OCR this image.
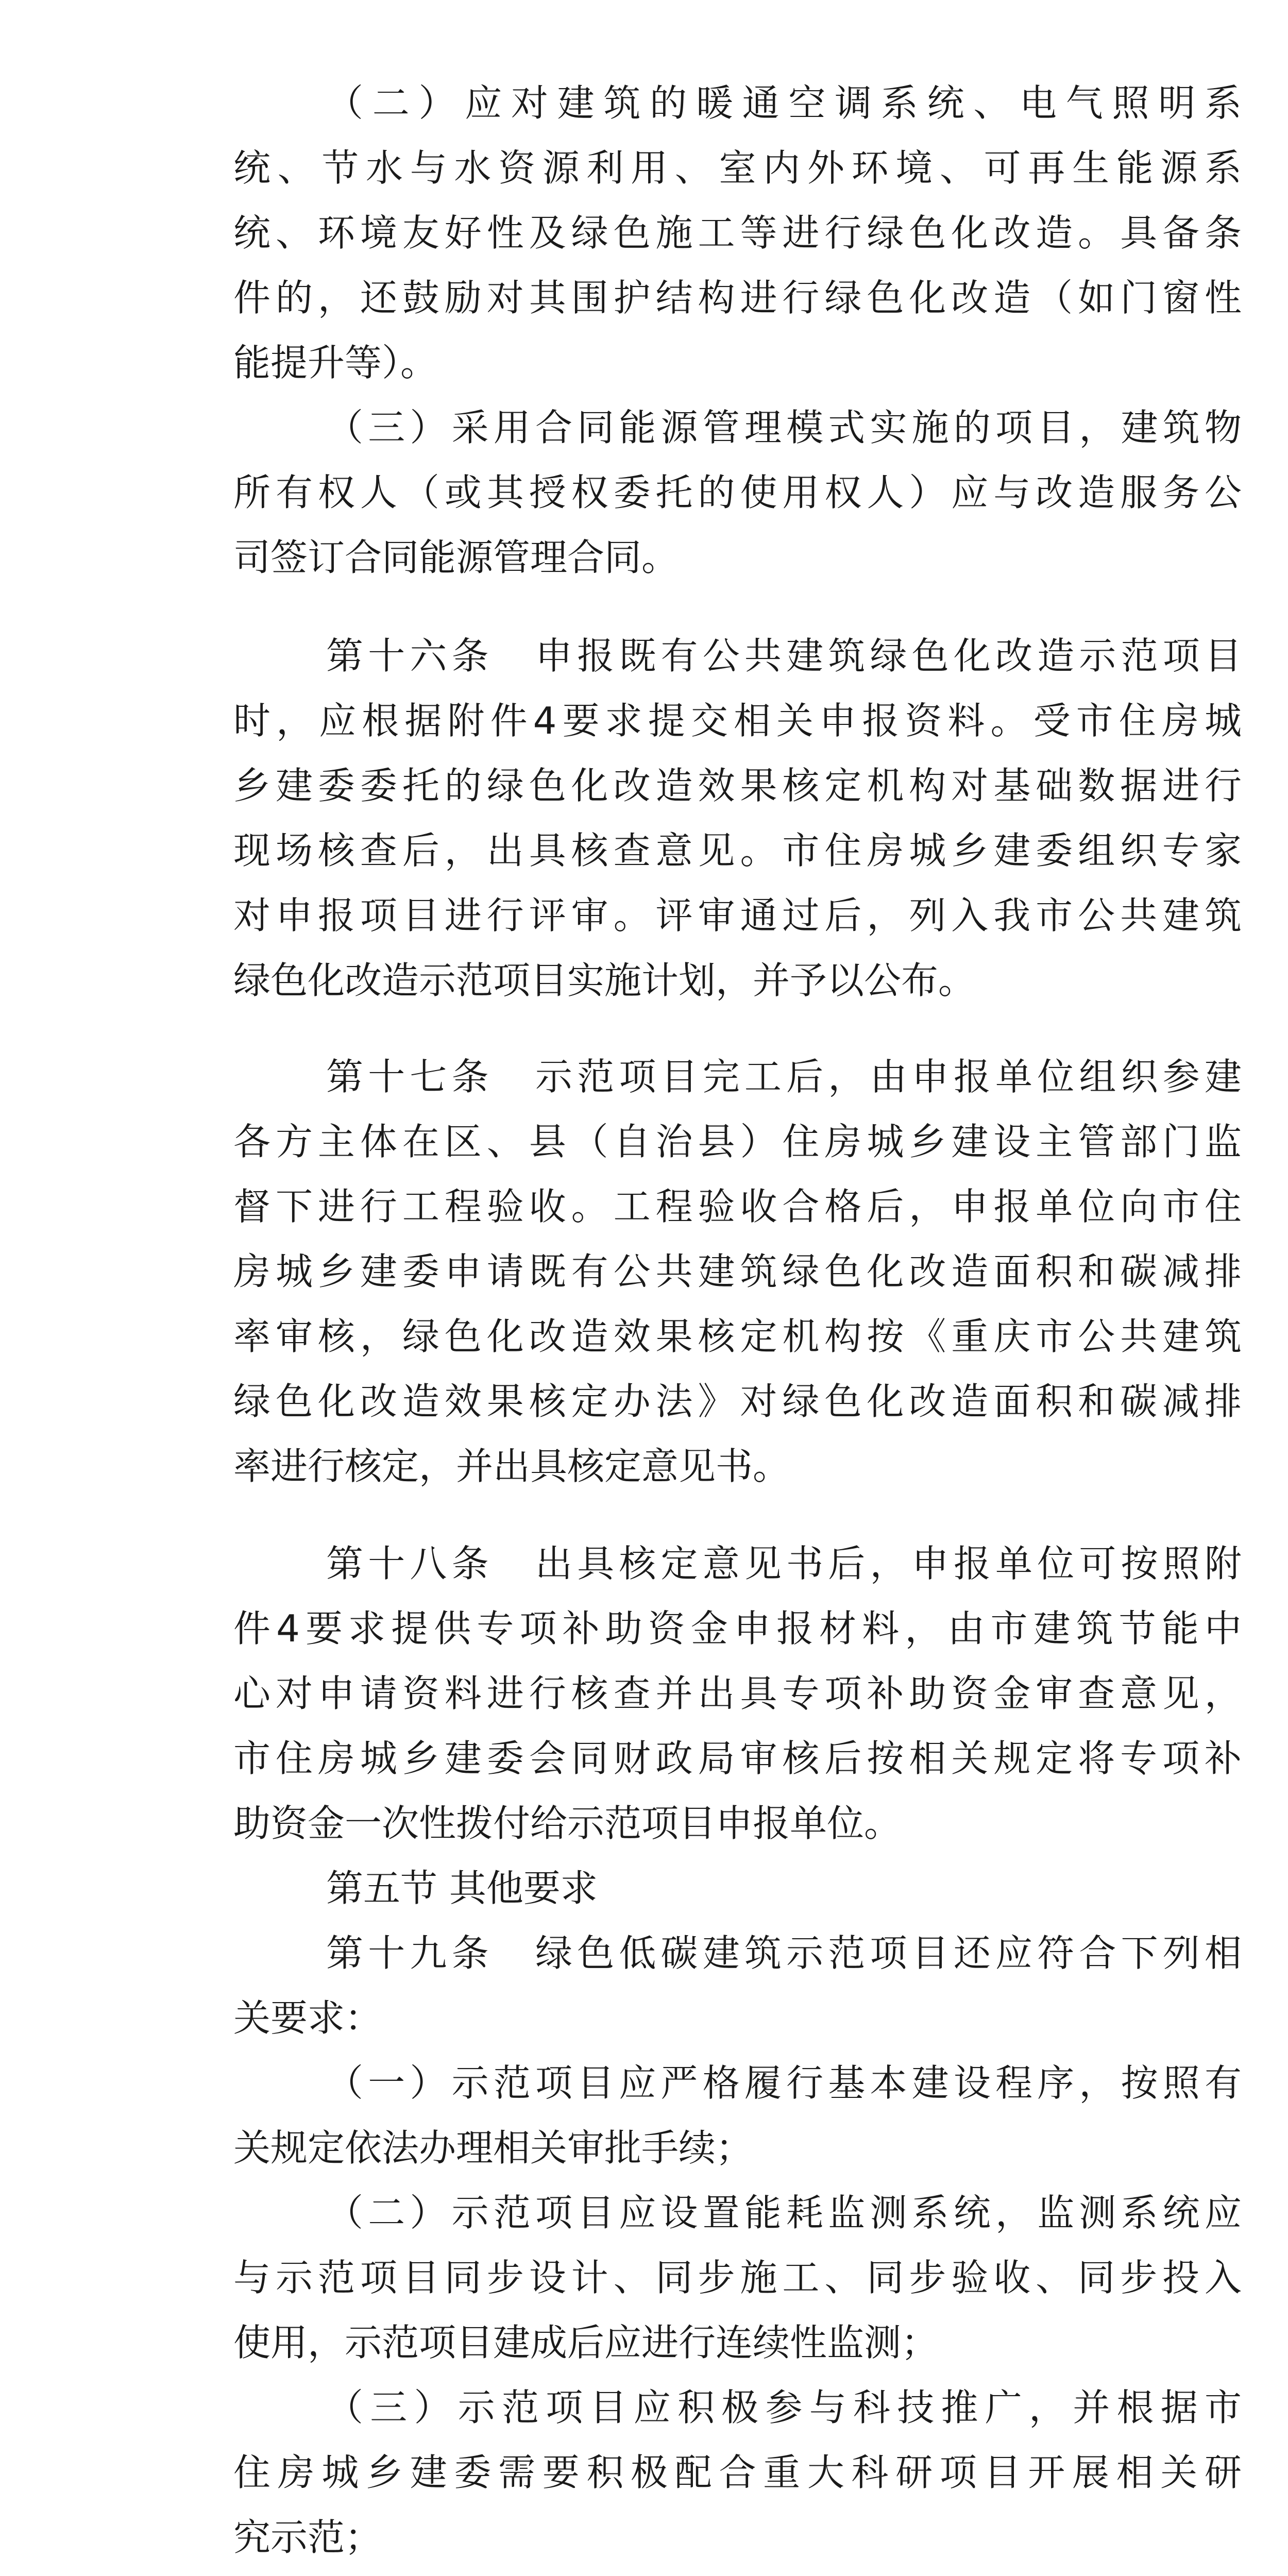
（二）应对建筑的暖通空调系统、电气照明系
统、节水与水资源利用、室内外环境、可再生能源系
统、环境友好性及绿色施工等进行绿色化改造。具备条
件的，还鼓励对其围护结构进行绿色化改造（如门窗性
能提升等）。
（三）采用合同能源管理模式实施的项目，建筑物
所有权人（或其授权委托的使用权人）应与改造服务公
司签订合同能源管理合同。
第十六条　申报既有公共建筑绿色化改造示范项目
时，应根据附件4要求提交相关申报资料。受市住房城
乡建委委托的绿色化改造效果核定机构对基础数据进行
现场核查后，出具核查意见。市住房城乡建委组织专家
对申报项目进行评审。评审通过后，列入我市公共建筑
绿色化改造示范项目实施计划，并予以公布。
第十七条　示范项目完工后，由申报单位组织参建
各方主体在区、县（自治县）住房城乡建设主管部门监
督下进行工程验收。工程验收合格后，申报单位向市住
房城乡建委申请既有公共建筑绿色化改造面积和碳减排
率审核，绿色化改造效果核定机构按《重庆市公共建筑
绿色化改造效果核定办法》对绿色化改造面积和碳减排
率进行核定，并出具核定意见书。
第十八条　出具核定意见书后，申报单位可按照附
件4要求提供专项补助资金申报材料，由市建筑节能中
心对申请资料进行核查并出具专项补助资金审查意见，
市住房城乡建委会同财政局审核后按相关规定将专项补
助资金一次性拨付给示范项目申报单位。
第五节 其他要求
第十九条　绿色低碳建筑示范项目还应符合下列相
关要求：
（一）示范项目应严格履行基本建设程序，按照有
关规定依法办理相关审批手续；
（二）示范项目应设置能耗监测系统，监测系统应
与示范项目同步设计、同步施工、同步验收、同步投入
使用，示范项目建成后应进行连续性监测；
（三）示范项目应积极参与科技推广，并根据市
住房城乡建委需要积极配合重大科研项目开展相关研
究示范；
